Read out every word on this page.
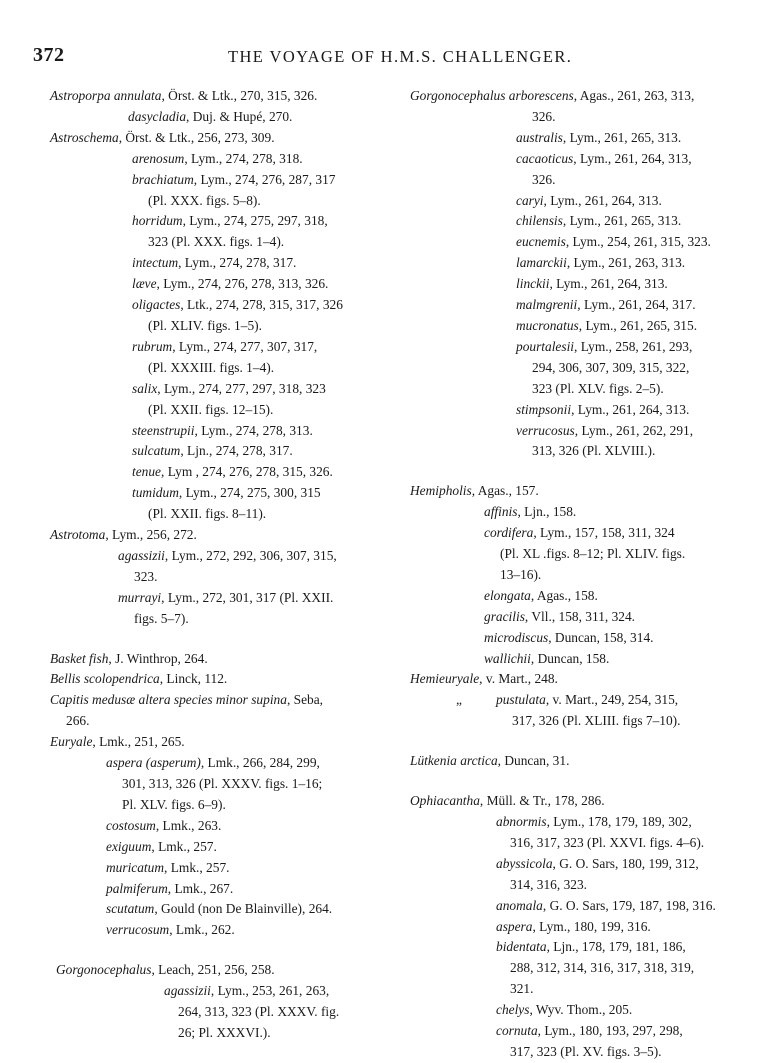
372	THE VOYAGE OF H.M.S. CHALLENGER.
Astroporpa annulata, Örst. & Ltk., 270, 315, 326.
dasycladia, Duj. & Hupé, 270.
Astroschema, Örst. & Ltk., 256, 273, 309.
arenosum, Lym., 274, 278, 318.
brachiatum, Lym., 274, 276, 287, 317
(Pl. XXX. figs. 5–8).
horridum, Lym., 274, 275, 297, 318,
323 (Pl. XXX. figs. 1–4).
intectum, Lym., 274, 278, 317.
læve, Lym., 274, 276, 278, 313, 326.
oligactes, Ltk., 274, 278, 315, 317, 326
(Pl. XLIV. figs. 1–5).
rubrum, Lym., 274, 277, 307, 317,
(Pl. XXXIII. figs. 1–4).
salix, Lym., 274, 277, 297, 318, 323
(Pl. XXII. figs. 12–15).
steenstrupii, Lym., 274, 278, 313.
sulcatum, Ljn., 274, 278, 317.
tenue, Lym , 274, 276, 278, 315, 326.
tumidum, Lym., 274, 275, 300, 315
(Pl. XXII. figs. 8–11).
Astrotoma, Lym., 256, 272.
agassizii, Lym., 272, 292, 306, 307, 315,
323.
murrayi, Lym., 272, 301, 317 (Pl. XXII.
figs. 5–7).
Basket fish, J. Winthrop, 264.
Bellis scolopendrica, Linck, 112.
Capitis medusæ altera species minor supina, Seba,
266.
Euryale, Lmk., 251, 265.
aspera (asperum), Lmk., 266, 284, 299,
301, 313, 326 (Pl. XXXV. figs. 1–16;
Pl. XLV. figs. 6–9).
costosum, Lmk., 263.
exiguum, Lmk., 257.
muricatum, Lmk., 257.
palmiferum, Lmk., 267.
scutatum, Gould (non De Blainville), 264.
verrucosum, Lmk., 262.
Gorgonocephalus, Leach, 251, 256, 258.
agassizii, Lym., 253, 261, 263,
264, 313, 323 (Pl. XXXV. fig.
26; Pl. XXXVI.).
Gorgonocephalus arborescens, Agas., 261, 263, 313,
326.
australis, Lym., 261, 265, 313.
cacaoticus, Lym., 261, 264, 313,
326.
caryi, Lym., 261, 264, 313.
chilensis, Lym., 261, 265, 313.
eucnemis, Lym., 254, 261, 315, 323.
lamarckii, Lym., 261, 263, 313.
linckii, Lym., 261, 264, 313.
malmgrenii, Lym., 261, 264, 317.
mucronatus, Lym., 261, 265, 315.
pourtalesii, Lym., 258, 261, 293,
294, 306, 307, 309, 315, 322,
323 (Pl. XLV. figs. 2–5).
stimpsonii, Lym., 261, 264, 313.
verrucosus, Lym., 261, 262, 291,
313, 326 (Pl. XLVIII.).
Hemipholis, Agas., 157.
affinis, Ljn., 158.
cordifera, Lym., 157, 158, 311, 324
(Pl. XL .figs. 8–12; Pl. XLIV. figs.
13–16).
elongata, Agas., 158.
gracilis, Vll., 158, 311, 324.
microdiscus, Duncan, 158, 314.
wallichii, Duncan, 158.
Hemieuryale, v. Mart., 248.
„	pustulata, v. Mart., 249, 254, 315,
317, 326 (Pl. XLIII. figs 7–10).
Lütkenia arctica, Duncan, 31.
Ophiacantha, Müll. & Tr., 178, 286.
abnormis, Lym., 178, 179, 189, 302,
316, 317, 323 (Pl. XXVI. figs. 4–6).
abyssicola, G. O. Sars, 180, 199, 312,
314, 316, 323.
anomala, G. O. Sars, 179, 187, 198, 316.
aspera, Lym., 180, 199, 316.
bidentata, Ljn., 178, 179, 181, 186,
288, 312, 314, 316, 317, 318, 319,
321.
chelys, Wyv. Thom., 205.
cornuta, Lym., 180, 193, 297, 298,
317, 323 (Pl. XV. figs. 3–5).
